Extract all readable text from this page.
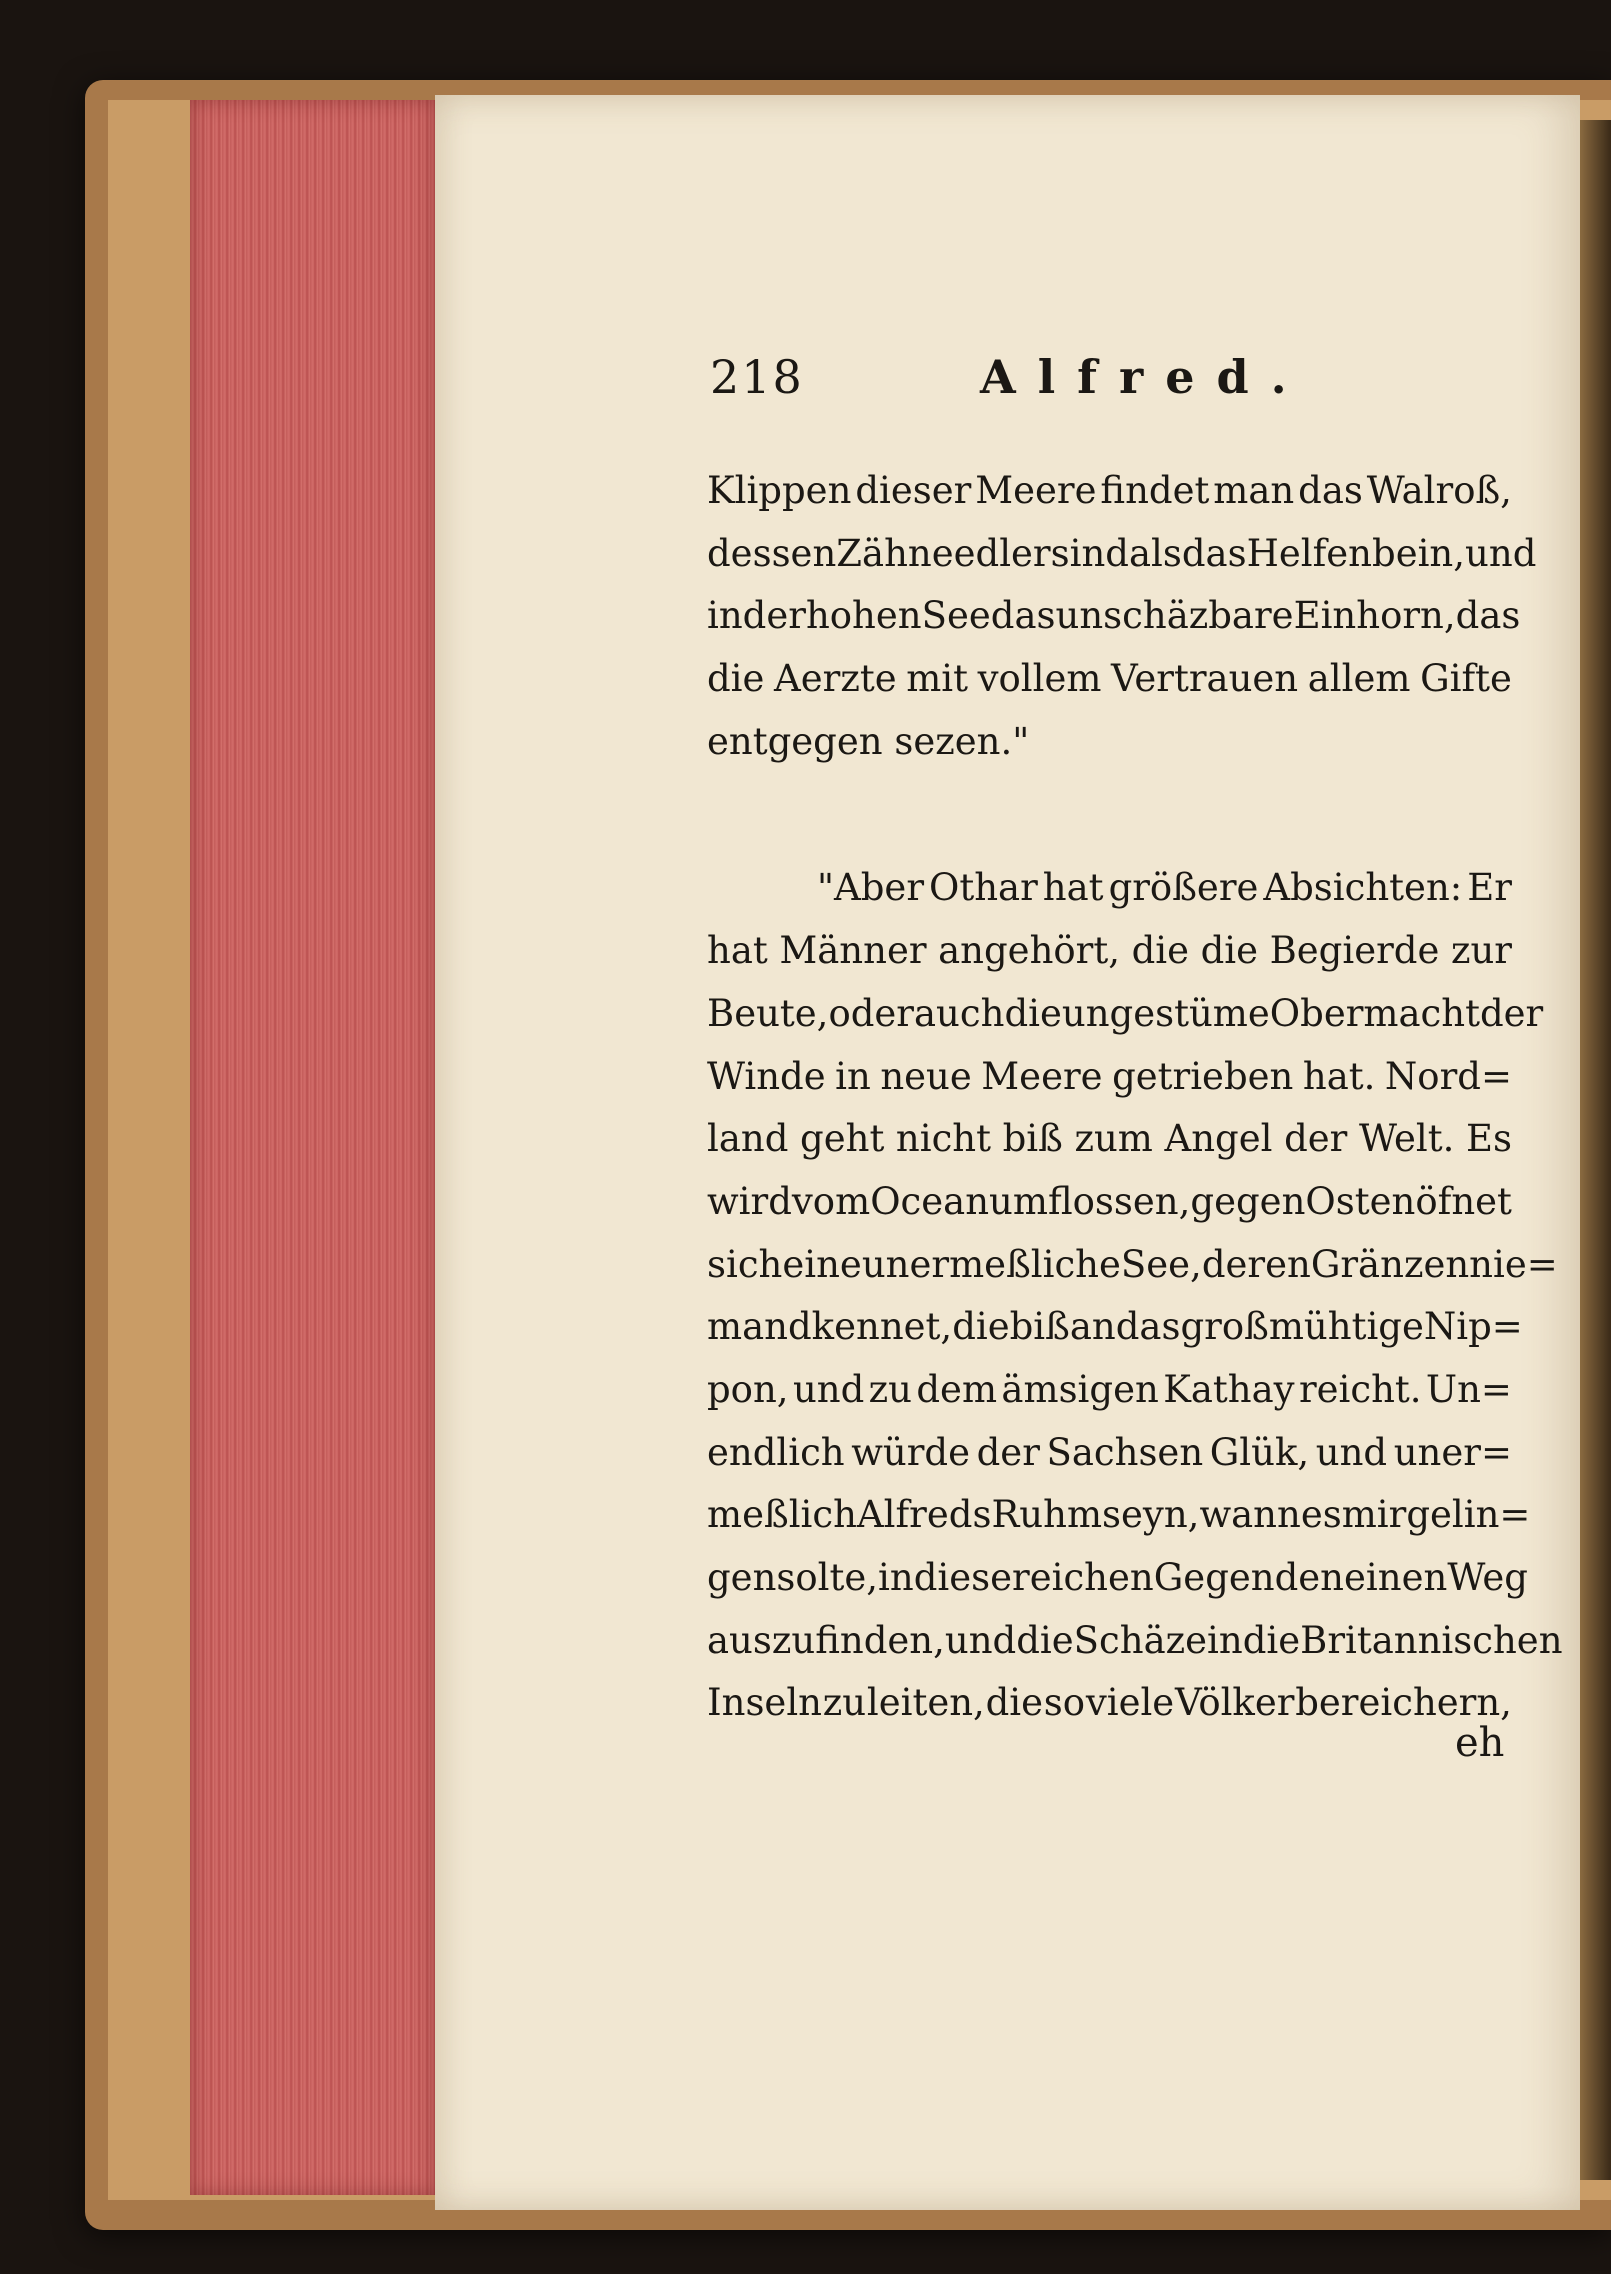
218	Alfred.
Klippen dieser Meere findet man das Walroß,
dessen Zähne edler sind als das Helfenbein, und
in der hohen See das unschäzbare Einhorn, das
die Aerzte mit vollem Vertrauen allem Gifte
entgegen sezen."
"Aber Othar hat größere Absichten: Er
hat Männer angehört, die die Begierde zur
Beute, oder auch die ungestüme Obermacht der
Winde in neue Meere getrieben hat. Nord=
land geht nicht biß zum Angel der Welt. Es
wird vom Ocean umflossen, gegen Osten öfnet
sich eine unermeßliche See, deren Gränzen nie=
mand kennet, die biß an das großmühtige Nip=
pon, und zu dem ämsigen Kathay reicht. Un=
endlich würde der Sachsen Glük, und uner=
meßlich Alfreds Ruhm seyn, wann es mir gelin=
gen solte, in diese reichen Gegenden einen Weg
auszufinden, und die Schäze in die Britannischen
Inseln zu leiten, die so viele Völker bereichern,
eh
